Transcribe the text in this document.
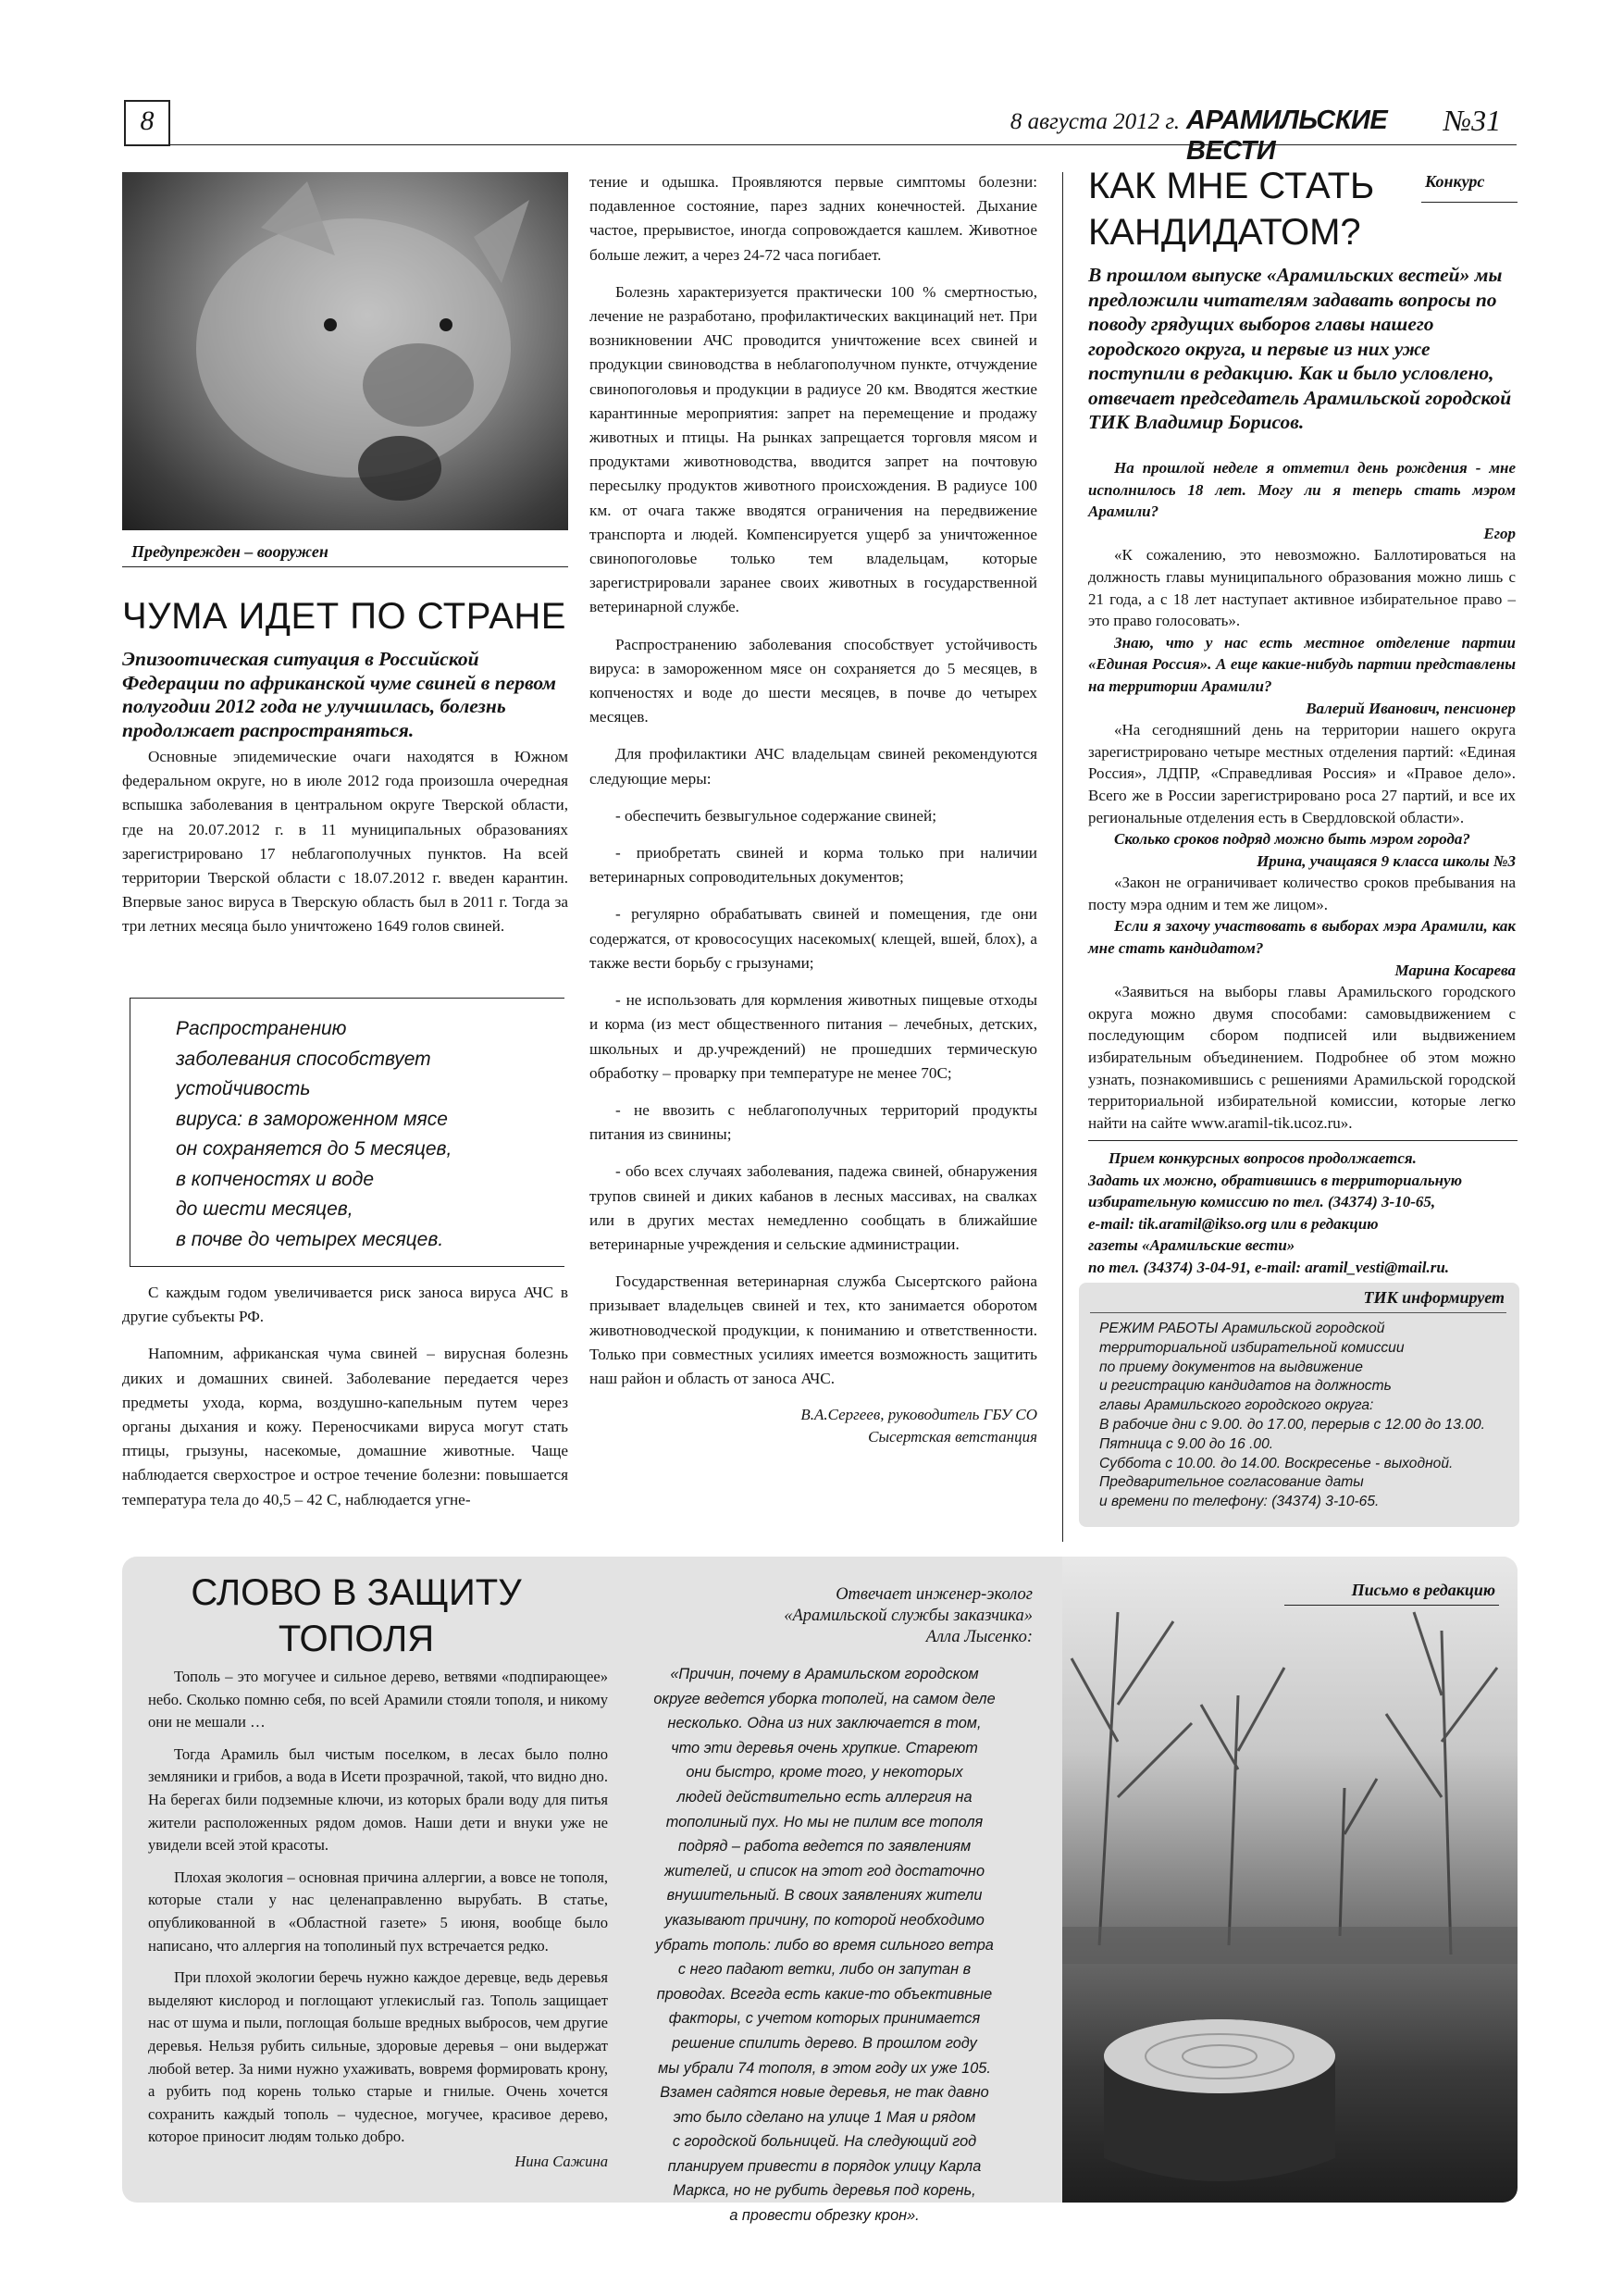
8	8 августа 2012 г. АРАМИЛЬСКИЕ ВЕСТИ
№31
Предупрежден – вооружен
ЧУМА ИДЕТ ПО СТРАНЕ
Эпизоотическая ситуация в Российской Федерации по африканской чуме свиней в первом полугодии 2012 года не улучшилась, болезнь продолжает распространяться.

Основные эпидемические очаги находятся в Южном федеральном округе, но в июле 2012 года произошла очередная вспышка заболевания в центральном округе Тверской области, где на 20.07.2012 г. в 11 муниципальных образованиях зарегистрировано 17 неблагополучных пунктов. На всей территории Тверской области с 18.07.2012 г. введен карантин. Впервые занос вируса в Тверскую область был в 2011 г. Тогда за три летних месяца было уничтожено 1649 голов свиней.

Распространению
заболевания способствует
устойчивость
вируса: в замороженном мясе
он сохраняется до 5 месяцев,
в копченостях и воде
до шести месяцев,
в почве до четырех месяцев.

С каждым годом увеличивается риск заноса вируса АЧС в другие субъекты РФ.

Напомним, африканская чума свиней – вирусная болезнь диких и домашних свиней. Заболевание передается через предметы ухода, корма, воздушно-капельным путем через органы дыхания и кожу. Переносчиками вируса могут стать птицы, грызуны, насекомые, домашние животные. Чаще наблюдается сверхострое и острое течение болезни: повышается температура тела до 40,5 – 42 С, наблюдается угне-

тение и одышка. Проявляются первые симптомы болезни: подавленное состояние, парез задних конечностей. Дыхание частое, прерывистое, иногда сопровождается кашлем. Животное больше лежит, а через 24-72 часа погибает.

Болезнь характеризуется практически 100 % смертностью, лечение не разработано, профилактических вакцинаций нет. При возникновении АЧС проводится уничтожение всех свиней и продукции свиноводства в неблагополучном пункте, отчуждение свинопоголовья и продукции в радиусе 20 км. Вводятся жесткие карантинные мероприятия: запрет на перемещение и продажу животных и птицы. На рынках запрещается торговля мясом и продуктами животноводства, вводится запрет на почтовую пересылку продуктов животного происхождения. В радиусе 100 км. от очага также вводятся ограничения на передвижение транспорта и людей. Компенсируется ущерб за уничтоженное свинопоголовье только тем владельцам, которые зарегистрировали заранее своих животных в государственной ветеринарной службе.

Распространению заболевания способствует устойчивость вируса: в замороженном мясе он сохраняется до 5 месяцев, в копченостях и воде до шести месяцев, в почве до четырех месяцев.

Для профилактики АЧС владельцам свиней рекомендуются следующие меры:

- обеспечить безвыгульное содержание свиней;

- приобретать свиней и корма только при наличии ветеринарных сопроводительных документов;

- регулярно обрабатывать свиней и помещения, где они содержатся, от кровососущих насекомых( клещей, вшей, блох), а также вести борьбу с грызунами;

- не использовать для кормления животных пищевые отходы и корма (из мест общественного питания – лечебных, детских, школьных и др.учреждений) не прошедших термическую обработку – проварку при температуре не менее 70С;

- не ввозить с неблагополучных территорий продукты питания из свинины;

- обо всех случаях заболевания, падежа свиней, обнаружения трупов свиней и диких кабанов в лесных массивах, на свалках или в других местах немедленно сообщать в ближайшие ветеринарные учреждения и сельские администрации.

Государственная ветеринарная служба Сысертского района призывает владельцев свиней и тех, кто занимается оборотом животноводческой продукции, к пониманию и ответственности. Только при совместных усилиях имеется возможность защитить наш район и область от заноса АЧС.

В.А.Сергеев, руководитель ГБУ СО
Сысертская ветстанция
КАК МНЕ СТАТЬ
КАНДИДАТОМ?
Конкурс
В прошлом выпуске «Арамильских вестей» мы предложили читателям задавать вопросы по поводу грядущих выборов главы нашего городского округа, и первые из них уже поступили в редакцию. Как и было условлено, отвечает председатель Арамильской городской ТИК Владимир Борисов.
На прошлой неделе я отметил день рождения - мне исполнилось 18 лет. Могу ли я теперь стать мэром Арамили?
Егор
«К сожалению, это невозможно. Баллотироваться на должность главы муниципального образования можно лишь с 21 года, а с 18 лет наступает активное избирательное право – это право голосовать».
Знаю, что у нас есть местное отделение партии «Единая Россия». А еще какие-нибудь партии представлены на территории Арамили?
Валерий Иванович, пенсионер
«На сегодняшний день на территории нашего округа зарегистрировано четыре местных отделения партий: «Единая Россия», ЛДПР, «Справедливая Россия» и «Правое дело». Всего же в России зарегистрировано роса 27 партий, и все их региональные отделения есть в Свердловской области».
Сколько сроков подряд можно быть мэром города?
Ирина, учащаяся 9 класса школы №3
«Закон не ограничивает количество сроков пребывания на посту мэра одним и тем же лицом».
Если я захочу участвовать в выборах мэра Арамили, как мне стать кандидатом?
Марина Косарева
«Заявиться на выборы главы Арамильского городского округа можно двумя способами: самовыдвижением с последующим сбором подписей или выдвижением избирательным объединением. Подробнее об этом можно узнать, познакомившись с решениями Арамильской городской территориальной избирательной комиссии, которые легко найти на сайте www.aramil-tik.ucoz.ru».
Прием конкурсных вопросов продолжается.
Задать их можно, обратившись в территориальную
избирательную комиссию по тел. (34374) 3-10-65,
e-mail: tik.aramil@ikso.org или в редакцию
газеты «Арамильские вести»
по тел. (34374) 3-04-91, e-mail: aramil_vesti@mail.ru.
ТИК информирует
РЕЖИМ РАБОТЫ Арамильской городской
территориальной избирательной комиссии
по приему документов на выдвижение
и регистрацию кандидатов на должность
главы Арамильского городского округа:
В рабочие дни с 9.00. до 17.00, перерыв с 12.00 до 13.00.
Пятница с 9.00 до 16 .00.
Суббота с 10.00. до 14.00. Воскресенье - выходной.
Предварительное согласование даты
и времени по телефону: (34374) 3-10-65.
СЛОВО В ЗАЩИТУ
ТОПОЛЯ

Тополь – это могучее и сильное дерево, ветвями «подпирающее» небо. Сколько помню себя, по всей Арамили стояли тополя, и никому они не мешали …

Тогда Арамиль был чистым поселком, в лесах было полно земляники и грибов, а вода в Исети прозрачной, такой, что видно дно. На берегах били подземные ключи, из которых брали воду для питья жители расположенных рядом домов. Наши дети и внуки уже не увидели всей этой красоты.

Плохая экология – основная причина аллергии, а вовсе не тополя, которые стали у нас целенаправленно вырубать. В статье, опубликованной в «Областной газете» 5 июня, вообще было написано, что аллергия на тополиный пух встречается редко.

При плохой экологии беречь нужно каждое деревце, ведь деревья выделяют кислород и поглощают углекислый газ. Тополь защищает нас от шума и пыли, поглощая больше вредных выбросов, чем другие деревья. Нельзя рубить сильные, здоровые деревья – они выдержат любой ветер. За ними нужно ухаживать, вовремя формировать крону, а рубить под корень только старые и гнилые. Очень хочется сохранить каждый тополь – чудесное, могучее, красивое дерево, которое приносит людям только добро.

Нина Сажина
Отвечает инженер-эколог
«Арамильской службы заказчика»
Алла Лысенко:
«Причин, почему в Арамильском городском
округе ведется уборка тополей, на самом деле
несколько. Одна из них заключается в том,
что эти деревья очень хрупкие. Стареют
они быстро, кроме того, у некоторых
людей действительно есть аллергия на
тополиный пух. Но мы не пилим все тополя
подряд – работа ведется по заявлениям
жителей, и список на этот год достаточно
внушительный. В своих заявлениях жители
указывают причину, по которой необходимо
убрать тополь: либо во время сильного ветра
с него падают ветки, либо он запутан в
проводах. Всегда есть какие-то объективные
факторы, с учетом которых принимается
решение спилить дерево. В прошлом году
мы убрали 74 тополя, в этом году их уже 105.
Взамен садятся новые деревья, не так давно
это было сделано на улице 1 Мая и рядом
с городской больницей. На следующий год
планируем привести в порядок улицу Карла
Маркса, но не рубить деревья под корень,
а провести обрезку крон».
Письмо в редакцию
